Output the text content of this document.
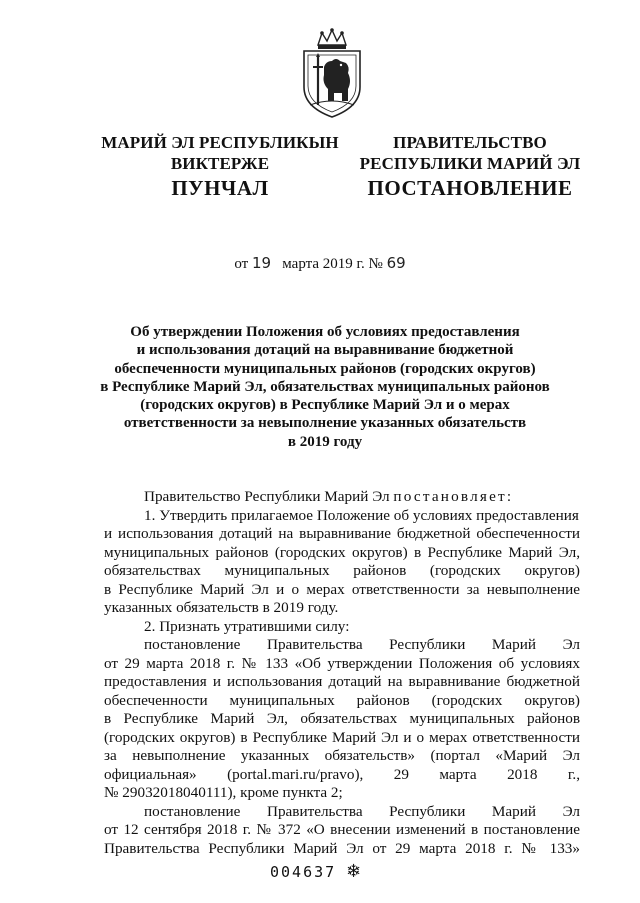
МАРИЙ ЭЛ РЕСПУБЛИКЫН
ВИКТЕРЖЕ
ПРАВИТЕЛЬСТВО
РЕСПУБЛИКИ МАРИЙ ЭЛ
ПУНЧАЛ	ПОСТАНОВЛЕНИЕ
от 19 марта 2019 г. № 69
Об утверждении Положения об условиях предоставления
и использования дотаций на выравнивание бюджетной
обеспеченности муниципальных районов (городских округов)
в Республике Марий Эл, обязательствах муниципальных районов
(городских округов) в Республике Марий Эл и о мерах
ответственности за невыполнение указанных обязательств
в 2019 году
Правительство Республики Марий Эл постановляет:
1. Утвердить прилагаемое Положение об условиях предоставления
и использования дотаций на выравнивание бюджетной обеспеченности
муниципальных районов (городских округов) в Республике Марий Эл,
обязательствах муниципальных районов (городских округов)
в Республике Марий Эл и о мерах ответственности за невыполнение
указанных обязательств в 2019 году.
2. Признать утратившими силу:
постановление Правительства Республики Марий Эл
от 29 марта 2018 г. № 133 «Об утверждении Положения об условиях
предоставления и использования дотаций на выравнивание бюджетной
обеспеченности муниципальных районов (городских округов)
в Республике Марий Эл, обязательствах муниципальных районов
(городских округов) в Республике Марий Эл и о мерах ответственности
за невыполнение указанных обязательств» (портал «Марий Эл
официальная» (portal.mari.ru/pravo), 29 марта 2018 г.,
№ 29032018040111), кроме пункта 2;
постановление Правительства Республики Марий Эл
от 12 сентября 2018 г. № 372 «О внесении изменений в постановление
Правительства Республики Марий Эл от 29 марта 2018 г. № 133»
004637 ❄
